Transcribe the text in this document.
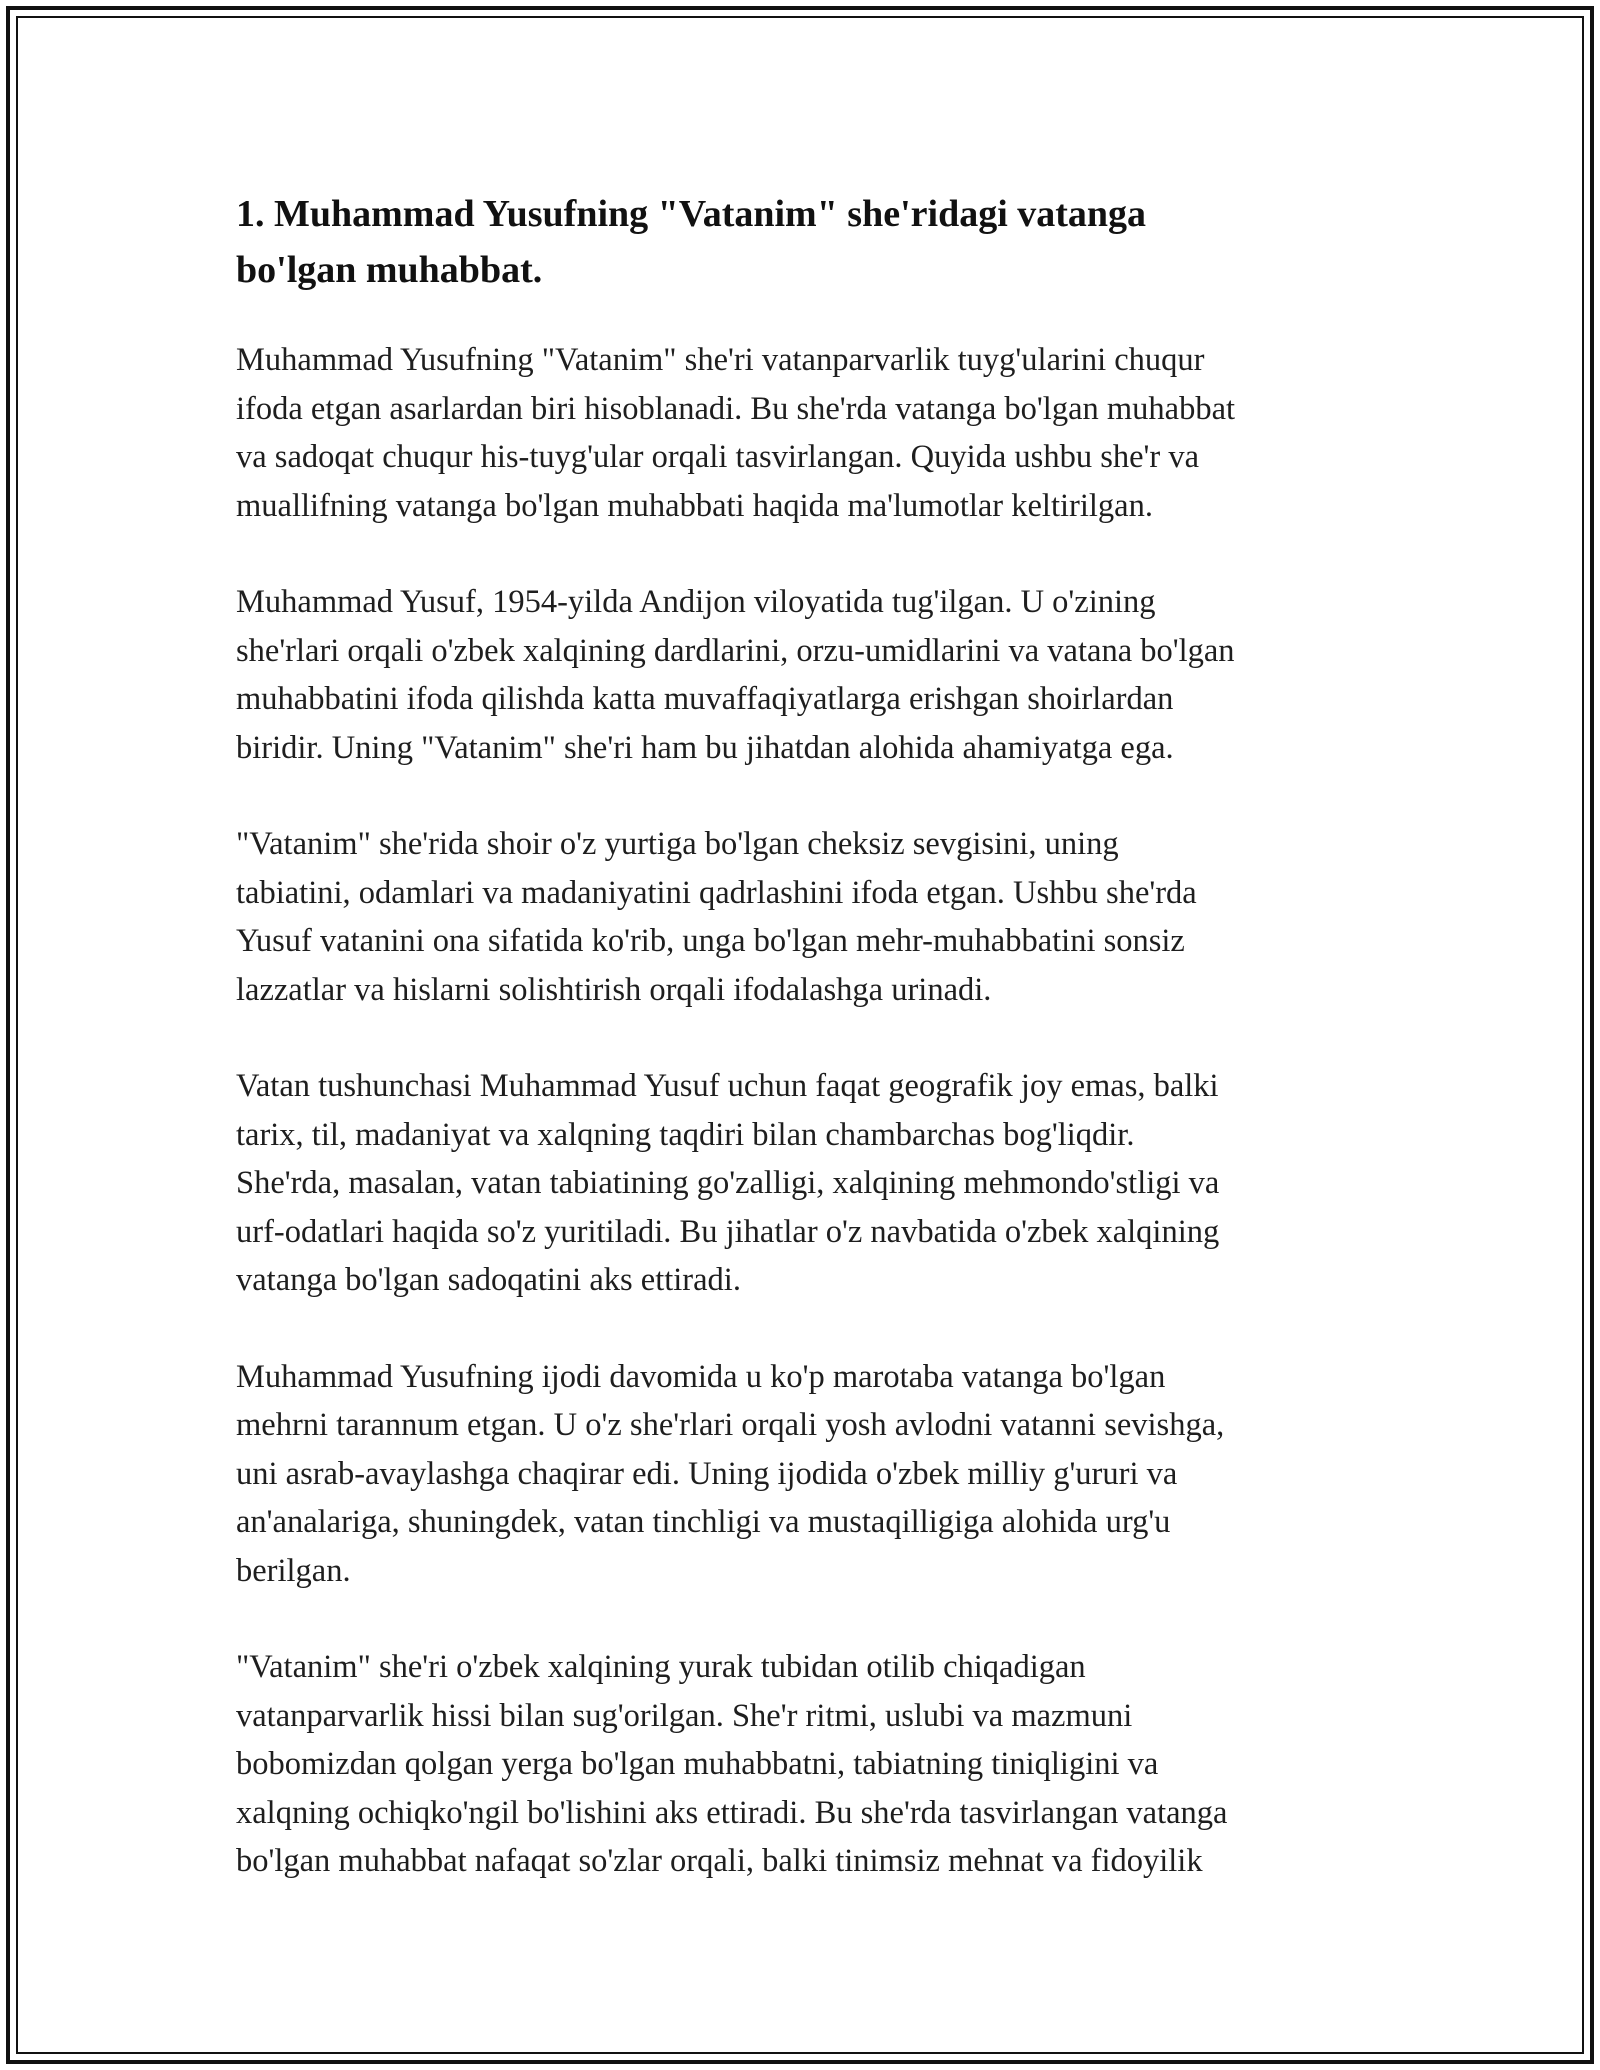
1. Muhammad Yusufning "Vatanim" she'ridagi vatanga
bo'lgan muhabbat.

Muhammad Yusufning "Vatanim" she'ri vatanparvarlik tuyg'ularini chuqur
ifoda etgan asarlardan biri hisoblanadi. Bu she'rda vatanga bo'lgan muhabbat
va sadoqat chuqur his-tuyg'ular orqali tasvirlangan. Quyida ushbu she'r va
muallifning vatanga bo'lgan muhabbati haqida ma'lumotlar keltirilgan.

Muhammad Yusuf, 1954-yilda Andijon viloyatida tug'ilgan. U o'zining
she'rlari orqali o'zbek xalqining dardlarini, orzu-umidlarini va vatana bo'lgan
muhabbatini ifoda qilishda katta muvaffaqiyatlarga erishgan shoirlardan
biridir. Uning "Vatanim" she'ri ham bu jihatdan alohida ahamiyatga ega.

"Vatanim" she'rida shoir o'z yurtiga bo'lgan cheksiz sevgisini, uning
tabiatini, odamlari va madaniyatini qadrlashini ifoda etgan. Ushbu she'rda
Yusuf vatanini ona sifatida ko'rib, unga bo'lgan mehr-muhabbatini sonsiz
lazzatlar va hislarni solishtirish orqali ifodalashga urinadi.

Vatan tushunchasi Muhammad Yusuf uchun faqat geografik joy emas, balki
tarix, til, madaniyat va xalqning taqdiri bilan chambarchas bog'liqdir.
She'rda, masalan, vatan tabiatining go'zalligi, xalqining mehmondo'stligi va
urf-odatlari haqida so'z yuritiladi. Bu jihatlar o'z navbatida o'zbek xalqining
vatanga bo'lgan sadoqatini aks ettiradi.

Muhammad Yusufning ijodi davomida u ko'p marotaba vatanga bo'lgan
mehrni tarannum etgan. U o'z she'rlari orqali yosh avlodni vatanni sevishga,
uni asrab-avaylashga chaqirar edi. Uning ijodida o'zbek milliy g'ururi va
an'analariga, shuningdek, vatan tinchligi va mustaqilligiga alohida urg'u
berilgan.

"Vatanim" she'ri o'zbek xalqining yurak tubidan otilib chiqadigan
vatanparvarlik hissi bilan sug'orilgan. She'r ritmi, uslubi va mazmuni
bobomizdan qolgan yerga bo'lgan muhabbatni, tabiatning tiniqligini va
xalqning ochiqko'ngil bo'lishini aks ettiradi. Bu she'rda tasvirlangan vatanga
bo'lgan muhabbat nafaqat so'zlar orqali, balki tinimsiz mehnat va fidoyilik
